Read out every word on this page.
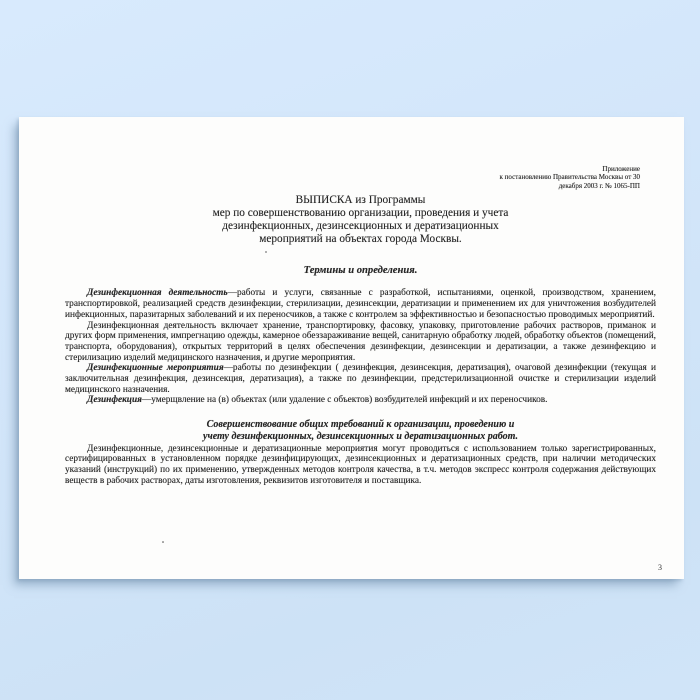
Приложение
к постановлению Правительства Москвы от 30
декабря 2003 г. № 1065-ПП
ВЫПИСКА из Программы
мер по совершенствованию организации, проведения и учета
дезинфекционных, дезинсекционных и дератизационных
мероприятий на объектах города Москвы.
Термины и определения.

Дезинфекционная деятельность—работы и услуги, связанные с разработкой, испытаниями, оценкой, производством, хранением, транспортировкой, реализацией средств дезинфекции, стерилизации, дезинсекции, дератизации и применением их для уничтожения возбудителей инфекционных, паразитарных заболеваний и их переносчиков, а также с контролем за эффективностью и безопасностью проводимых мероприятий.

Дезинфекционная деятельность включает хранение, транспортировку, фасовку, упаковку, приготовление рабочих растворов, приманок и других форм применения, импрегнацию одежды, камерное обеззараживание вещей, санитарную обработку людей, обработку объектов (помещений, транспорта, оборудования), открытых территорий в целях обеспечения дезинфекции, дезинсекции и дератизации, а также дезинфекцию и стерилизацию изделий медицинского назначения, и другие мероприятия.

Дезинфекционные мероприятия—работы по дезинфекции ( дезинфекция, дезинсекция, дератизация), очаговой дезинфекции (текущая и заключительная дезинфекция, дезинсекция, дератизация), а также по дезинфекции, предстерилизационной очистке и стерилизации изделий медицинского назначения.

Дезинфекция—умерщвление на (в) объектах (или удаление с объектов) возбудителей инфекций и их переносчиков.

Совершенствование общих требований к организации, проведению и
учету дезинфекционных, дезинсекционных и дератизационных работ.

Дезинфекционные, дезинсекционные и дератизационные мероприятия могут проводиться с использованием только зарегистрированных, сертифицированных в установленном порядке дезинфицирующих, дезинсекционных и дератизационных средств, при наличии методических указаний (инструкций) по их применению, утвержденных методов контроля качества, в т.ч. методов экспресс контроля содержания действующих веществ в рабочих растворах, даты изготовления, реквизитов изготовителя и поставщика.

3
